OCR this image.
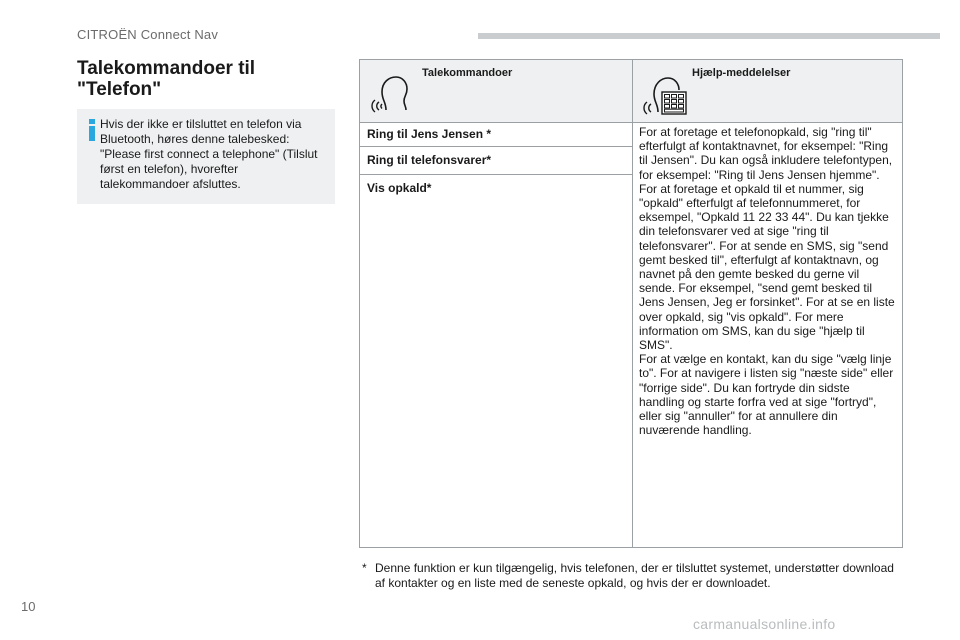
CITROËN Connect Nav
Talekommandoer til "Telefon"
Hvis der ikke er tilsluttet en telefon via Bluetooth, høres denne talebesked: "Please first connect a telephone" (Tilslut først en telefon), hvorefter talekommandoer afsluttes.
Talekommandoer	Hjælp-meddelelser
Ring til Jens Jensen *
Ring til telefonsvarer*
Vis opkald*
For at foretage et telefonopkald, sig "ring til" efterfulgt af kontaktnavnet, for eksempel: "Ring til Jensen". Du kan også inkludere telefontypen, for eksempel: "Ring til Jens Jensen hjemme". For at foretage et opkald til et nummer, sig "opkald" efterfulgt af telefonnummeret, for eksempel, "Opkald 11 22 33 44". Du kan tjekke din telefonsvarer ved at sige "ring til telefonsvarer". For at sende en SMS, sig "send gemt besked til", efterfulgt af kontaktnavn, og navnet på den gemte besked du gerne vil sende. For eksempel, "send gemt besked til Jens Jensen, Jeg er forsinket". For at se en liste over opkald, sig "vis opkald". For mere information om SMS, kan du sige "hjælp til SMS".
For at vælge en kontakt, kan du sige "vælg linje to". For at navigere i listen sig "næste side" eller "forrige side". Du kan fortryde din sidste handling og starte forfra ved at sige "fortryd", eller sig "annuller" for at annullere din nuværende handling.
* Denne funktion er kun tilgængelig, hvis telefonen, der er tilsluttet systemet, understøtter download af kontakter og en liste med de seneste opkald, og hvis der er downloadet.
10
carmanualsonline.info
